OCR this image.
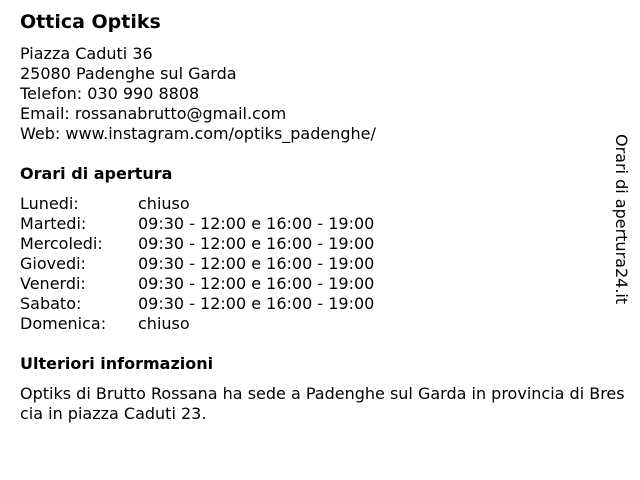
Ottica Optiks
Piazza Caduti 36
25080 Padenghe sul Garda
Telefon: 030 990 8808
Email: rossanabrutto@gmail.com
Web: www.instagram.com/optiks_padenghe/
Orari di apertura
Lunedi:	chiuso
Martedi:	09:30 - 12:00 e 16:00 - 19:00
Mercoledi:	09:30 - 12:00 e 16:00 - 19:00
Giovedi:	09:30 - 12:00 e 16:00 - 19:00
Venerdi:	09:30 - 12:00 e 16:00 - 19:00
Sabato:	09:30 - 12:00 e 16:00 - 19:00
Domenica:	chiuso
Ulteriori informazioni
Optiks di Brutto Rossana ha sede a Padenghe sul Garda in provincia di Brescia in piazza Caduti 23.
Orari di apertura24.it
